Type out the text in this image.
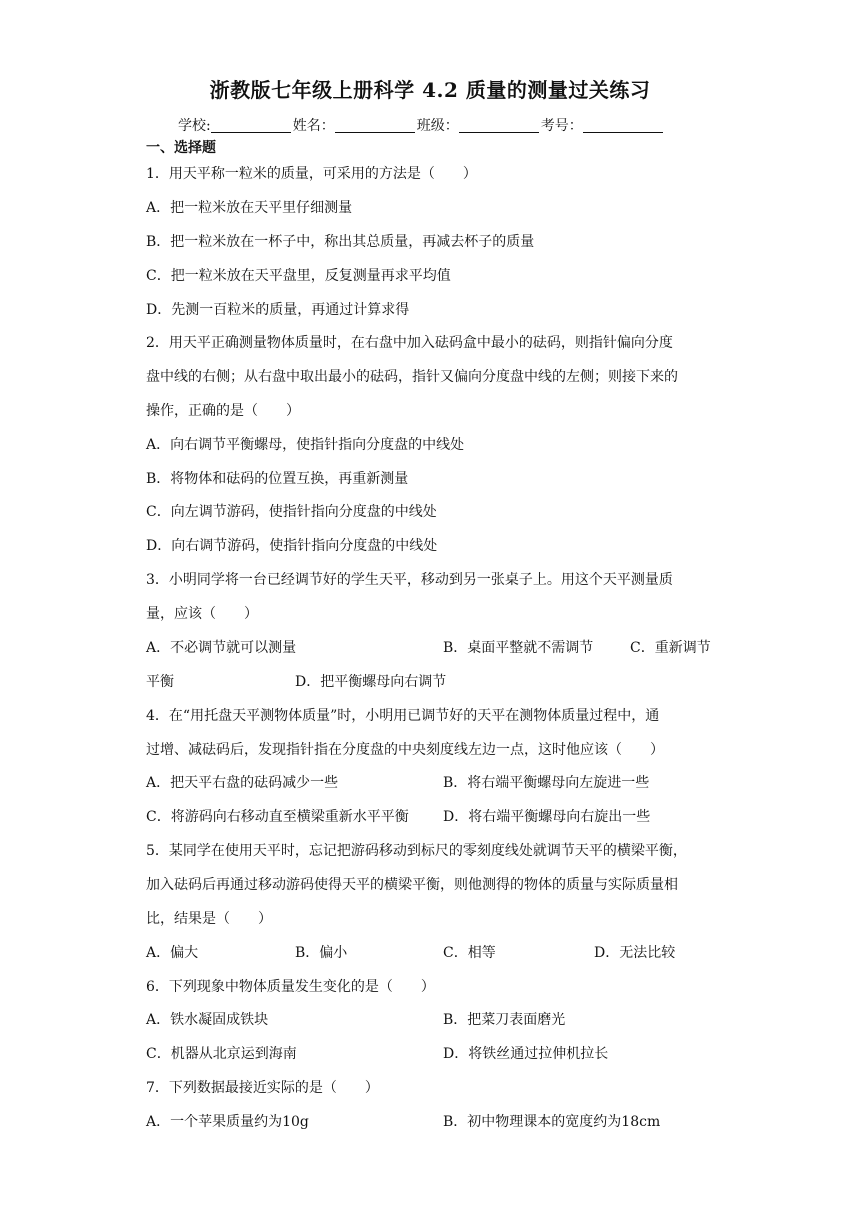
浙教版七年级上册科学 4.2 质量的测量过关练习
学校:	姓名：	班级：	考号：
一、选择题
1．用天平称一粒米的质量，可采用的方法是（　　）
A．把一粒米放在天平里仔细测量
B．把一粒米放在一杯子中，称出其总质量，再减去杯子的质量
C．把一粒米放在天平盘里，反复测量再求平均值
D．先测一百粒米的质量，再通过计算求得
2．用天平正确测量物体质量时，在右盘中加入砝码盒中最小的砝码，则指针偏向分度
盘中线的右侧；从右盘中取出最小的砝码，指针又偏向分度盘中线的左侧；则接下来的
操作，正确的是（　　）
A．向右调节平衡螺母，使指针指向分度盘的中线处
B．将物体和砝码的位置互换，再重新测量
C．向左调节游码，使指针指向分度盘的中线处
D．向右调节游码，使指针指向分度盘的中线处
3．小明同学将一台已经调节好的学生天平，移动到另一张桌子上。用这个天平测量质
量，应该（　　）
A．不必调节就可以测量	B．桌面平整就不需调节	C．重新调节
平衡	D．把平衡螺母向右调节
4．在“用托盘天平测物体质量”时，小明用已调节好的天平在测物体质量过程中，通
过增、减砝码后，发现指针指在分度盘的中央刻度线左边一点，这时他应该（　　）
A．把天平右盘的砝码减少一些	B．将右端平衡螺母向左旋进一些
C．将游码向右移动直至横梁重新水平平衡 D．将右端平衡螺母向右旋出一些
5．某同学在使用天平时，忘记把游码移动到标尺的零刻度线处就调节天平的横梁平衡，
加入砝码后再通过移动游码使得天平的横梁平衡，则他测得的物体的质量与实际质量相
比，结果是（　　）
A．偏大	B．偏小	C．相等	D．无法比较
6．下列现象中物体质量发生变化的是（　　）
A．铁水凝固成铁块	B．把菜刀表面磨光
C．机器从北京运到海南	D．将铁丝通过拉伸机拉长
7．下列数据最接近实际的是（　　）
A．一个苹果质量约为10g	B．初中物理课本的宽度约为18cm
